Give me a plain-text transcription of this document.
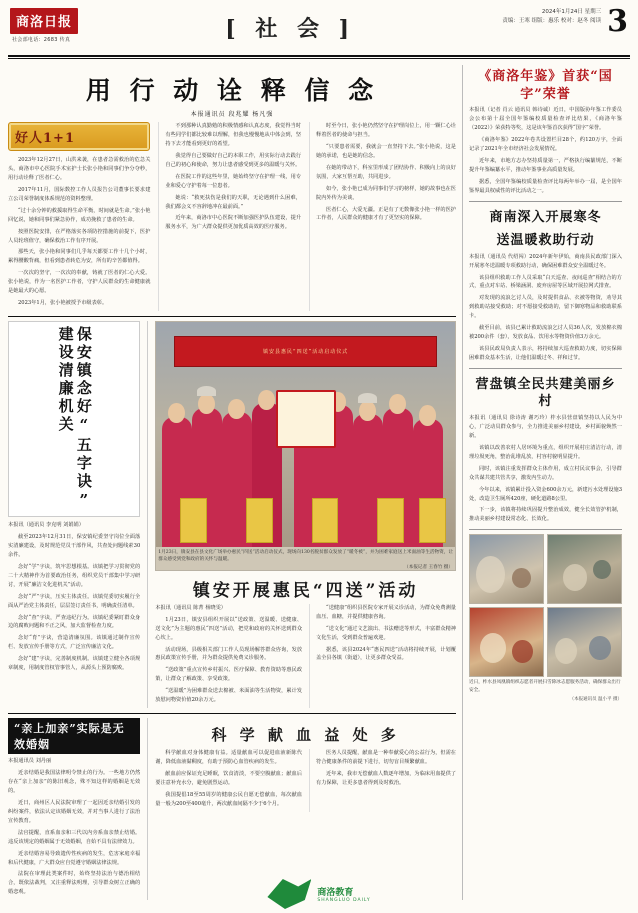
商洛日报
社会部电话：2683 传真	[ 社 会 ]
2024年1月24日 星期三
责编：王寒 组版：惠乐 校对：赵冬 阅读 3
用 行 动 诠 释 信 念
本报通讯员 段兆耀 杨凡强
好人1+1

2023年12月27日，山洪来袭，在患者急需救治的危急关头，商洛市中心医院手术室护士长张小艳和同事们争分夺秒，用行动诠释了医者仁心。

2017年11月，国际数控工作人员报告公司董事长要求建立公司荣誉制度体系规范的资料整理。

“过十余分钟的救援取得生命平衡，时间就是生命。”张小艳回忆说，她和同事们紧急协作，成功挽救了患者的生命。

按照医院安排，在严格落实各项防控措施的前提下，医护人员轮班值守，确保救治工作有序开展。

那些天，张小艳和同事们几乎每天都要工作十几个小时，累得腰酸背痛，但看到患者转危为安，所有的辛苦都值得。

一次次的坚守，一次次的奉献，铸就了医者的仁心大爱。张小艳说，作为一名医护工作者，守护人民群众的生命健康就是她最大的心愿。

2023年1月，张小艳被授予市级表彰。

不到那种认真勤勉的积极情感和认真态度，我觉得当时有些同学们都比较难以理解，但我也慢慢地从中体会到，坚持下去才能看到更好的希望。

我觉得自己要做好自己的本职工作，用实际行动去践行自己的初心和使命，努力让患者感受到更多的温暖与关怀。

在医院工作的这些年里，她始终坚守在护理一线，用专业和爱心守护着每一位患者。

她说：“救死扶伤是我们的天职，无论遇到什么困难，我们都会义不容辞地冲在最前面。”

近年来，商洛市中心医院不断加强医护队伍建设，提升服务水平，为广大群众提供更加优质高效的医疗服务。

时至今日，张小艳仍然坚守在护理岗位上，用一颗仁心诠释着医者的使命与担当。

“只要患者需要，我就会一直坚持下去。”张小艳说，这是她的承诺，也是她的信念。

在她的带动下，科室里形成了团结协作、积极向上的良好氛围，大家互帮互助，共同进步。

如今，张小艳已成为同事们学习的榜样，她的故事也在医院内外传为美谈。

医者仁心，大爱无疆。正是有了无数像张小艳一样的医护工作者，人民群众的健康才有了更坚实的保障。

保安镇念好“五字诀”
建设清廉机关

本报讯（通讯员 李克明 刘娟娟）

截至2023年12月31日，保安镇纪委坚守岗位全面落实清廉建设，及时规范党员干部作风，共查处问题线索30余件。

念好“学”字诀，筑牢思想根基。该镇把学习贯彻党的二十大精神作为首要政治任务，组织党员干部集中学习研讨，开展“廉洁文化进机关”活动。

念好“严”字诀，压实主体责任。该镇党委切实履行全面从严治党主体责任，层层签订责任书，明确责任清单。

念好“查”字诀，严查违纪行为。该镇纪委紧盯群众身边的腐败问题和不正之风，加大监督检查力度。

念好“育”字诀，营造清廉氛围。该镇通过制作宣传栏、发放宣传手册等方式，广泛宣传廉洁文化。

念好“建”字诀，完善制度机制。该镇建立健全各项规章制度，用制度管权管事管人，从源头上预防腐败。

镇安县惠民“四送”活动启动仪式
1月23日，镇安县在县文化广场举办惠民“四送”活动启动仪式，现场向130名脱贫群众发放了“暖冬被”，并为困难家庭送上米面油等生活物资，让群众感受到党和政府的关怀与温暖。
（本报记者 王春竹 摄）
镇安开展惠民“四送”活动

本报讯（通讯员 陈菁 杨晓雯）

1月23日，镇安县组织开展以“送政策、送温暖、送健康、送文化”为主题的惠民“四送”活动，把党和政府的关怀送到群众心坎上。

活动现场，县级相关部门工作人员现场解答群众咨询，发放惠民政策宣传手册，并为群众提供免费义诊服务。

“送政策”重点宣传乡村振兴、医疗保障、教育资助等惠民政策，让群众了解政策、享受政策。

“送温暖”为困难群众送去棉被、米面油等生活物资，累计发放慰问物资价值20余万元。

“送健康”组织县医院专家开展义诊活动，为群众免费测量血压、血糖，并提供健康咨询。

“送文化”通过文艺演出、书法赠送等形式，丰富群众精神文化生活，受到群众普遍欢迎。

据悉，该县2024年“惠民四送”活动将持续开展，计划覆盖全县各镇（街道），让更多群众受益。

“亲上加亲”实际是无效婚姻

本报通讯员 刘丹丽

近亲结婚是我国法律明令禁止的行为。一些地方仍然存在“亲上加亲”的陈旧观念，殊不知这样的婚姻是无效的。

近日，商州区人民法院审理了一起因近亲结婚引发的纠纷案件，依法认定该婚姻无效，并对当事人进行了法治宣传教育。

法官提醒，直系血亲和三代以内旁系血亲禁止结婚。违反该规定的婚姻属于无效婚姻，自始不具有法律效力。

近亲结婚容易导致遗传性疾病的发生，危害家庭幸福和后代健康，广大群众应自觉遵守婚姻法律法规。

法院在审理此类案件时，始终坚持法治与德治相结合，既依法裁判，又注重释法明理，引导群众树立正确的婚恋观。

科 学 献 血 益 处 多

科学献血对身体健康有益。适量献血可以促进血液新陈代谢，降低血液黏稠度，有助于预防心血管疾病的发生。

献血前应保证充足睡眠，饮食清淡，不要空腹献血；献血后要注意补充水分，避免剧烈运动。

我国提倡18至55周岁的健康公民自愿无偿献血，每次献血量一般为200至400毫升，两次献血间隔不少于6个月。

医务人员提醒，献血是一种奉献爱心的公益行为，但需在符合健康条件的前提下进行，切勿盲目频繁献血。

近年来，我市无偿献血人数逐年增加，为临床用血提供了有力保障，让更多患者得到及时救治。

《商洛年鉴》首获“国字”荣誉

本报讯（记者 肖云 通讯员 韩诗诚）近日，中国版协年鉴工作委员会公布第十届全国年鉴编校质量检查评比结果，《商洛年鉴（2022）》荣获特等奖，这是该年鉴首次获得“国字”荣誉。

《商洛年鉴》2022年卷共设置栏目28个，约120万字，全面记录了2021年全市经济社会发展情况。

近年来，市地方志办坚持质量第一，严格执行编纂规范，不断提升年鉴编纂水平，推动年鉴事业高质量发展。

据悉，全国年鉴编校质量检查评比每两年举办一届，是全国年鉴界最具权威性的评比活动之一。

商南深入开展寒冬
送温暖救助行动

本报讯（通讯员 代绍闯）2024年新年伊始，商南县民政部门深入开展寒冬送温暖专项救助行动，确保困难群众安全温暖过冬。

该县组织救助工作人员采取“白天巡查、夜间巡查”相结合的方式，重点对车站、桥梁涵洞、废弃房屋等区域开展拉网式排查。

对发现的流浪乞讨人员，及时提供食品、衣被等物资，劝导其到救助站接受救助；对不愿接受救助的，留下御寒物品和救助联系卡。

截至目前，该县已累计救助流浪乞讨人员36人次，发放棉衣棉被200余件（套），发放食品、饮用水等物资价值3万余元。

该县民政局负责人表示，将持续加大巡查救助力度，切实保障困难群众基本生活，让他们温暖过冬、祥和过节。

营盘镇全民共建美丽乡村

本报讯（通讯员 徐诗涛 谢巧玲）柞水县营盘镇坚持以人民为中心，广泛动员群众参与，全力推进美丽乡村建设，乡村面貌焕然一新。

该镇以改善农村人居环境为重点，组织开展村庄清洁行动，清理垃圾死角，整治乱堆乱放，村容村貌明显提升。

同时，该镇注重发挥群众主体作用，成立村民议事会，引导群众共谋共建共管共享，激发内生动力。

今年以来，该镇累计投入资金600余万元，新建污水处理设施3处，改造卫生厕所420座，硬化道路8公里。

下一步，该镇将持续巩固提升整治成效，健全长效管护机制，推动美丽乡村建设常态化、长效化。

近日，柞水县凤凰镇组织志愿者开展扫雪除冰志愿服务活动，确保群众出行安全。
（本报通讯员 温小平 摄）
商洛教育
SHANGLUO DAILY
